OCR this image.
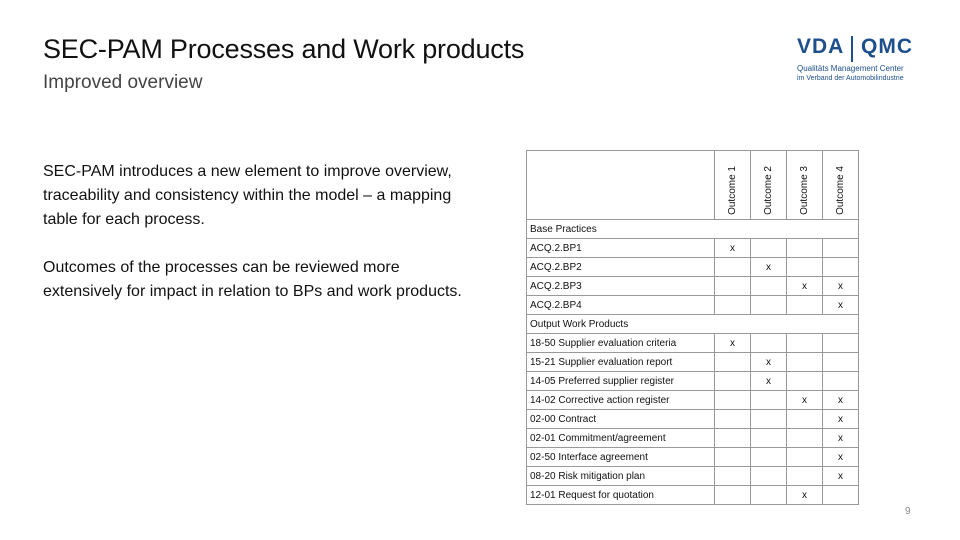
SEC-PAM Processes and Work products
Improved overview
VDA QMC
Qualitäts Management Center
im Verband der Automobilindustrie
SEC-PAM introduces a new element to improve overview, traceability and consistency within the model – a mapping table for each process.
Outcomes of the processes can be reviewed more extensively for impact in relation to BPs and work products.

	Outcome 1	Outcome 2	Outcome 3	Outcome 4

Base Practices				
ACQ.2.BP1	x			
ACQ.2.BP2		x		
ACQ.2.BP3			x	x
ACQ.2.BP4				x
Output Work Products				
18-50 Supplier evaluation criteria	x			
15-21 Supplier evaluation report		x		
14-05 Preferred supplier register		x		
14-02 Corrective action register			x	x
02-00 Contract				x
02-01 Commitment/agreement				x
02-50 Interface agreement				x
08-20 Risk mitigation plan				x
12-01 Request for quotation			x	
9
